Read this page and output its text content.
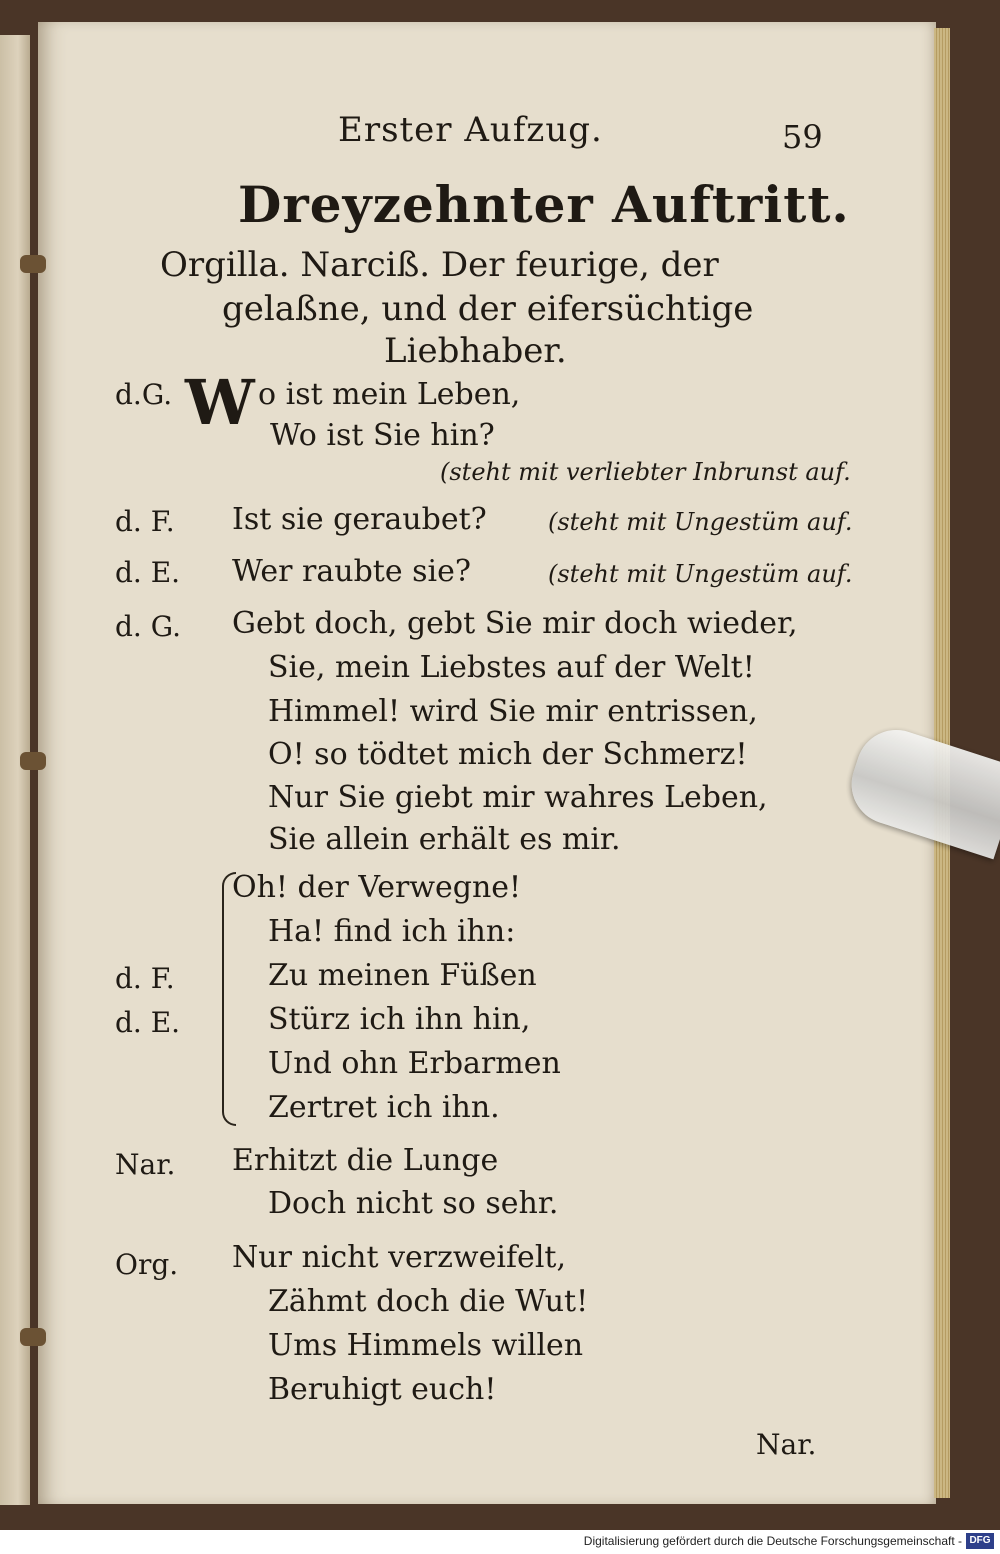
Erster Aufzug.	59
Dreyzehnter Auftritt.
Orgilla. Narciß. Der feurige, der
gelaßne, und der eifersüchtige
Liebhaber.
d.G. W o ist mein Leben,
Wo ist Sie hin?
(steht mit verliebter Inbrunst auf.
d. F. Ist sie geraubet?	(steht mit Ungestüm auf.
d. E. Wer raubte sie?	(steht mit Ungestüm auf.
d. G. Gebt doch, gebt Sie mir doch wieder,
Sie, mein Liebstes auf der Welt!
Himmel! wird Sie mir entrissen,
O! so tödtet mich der Schmerz!
Nur Sie giebt mir wahres Leben,
Sie allein erhält es mir.
d. F.
d. E.
Oh! der Verwegne!
Ha! find ich ihn:
Zu meinen Füßen
Stürz ich ihn hin,
Und ohn Erbarmen
Zertret ich ihn.
Nar. Erhitzt die Lunge
Doch nicht so sehr.
Org. Nur nicht verzweifelt,
Zähmt doch die Wut!
Ums Himmels willen
Beruhigt euch!
Nar.
Digitalisierung gefördert durch die Deutsche Forschungsgemeinschaft - DFG
